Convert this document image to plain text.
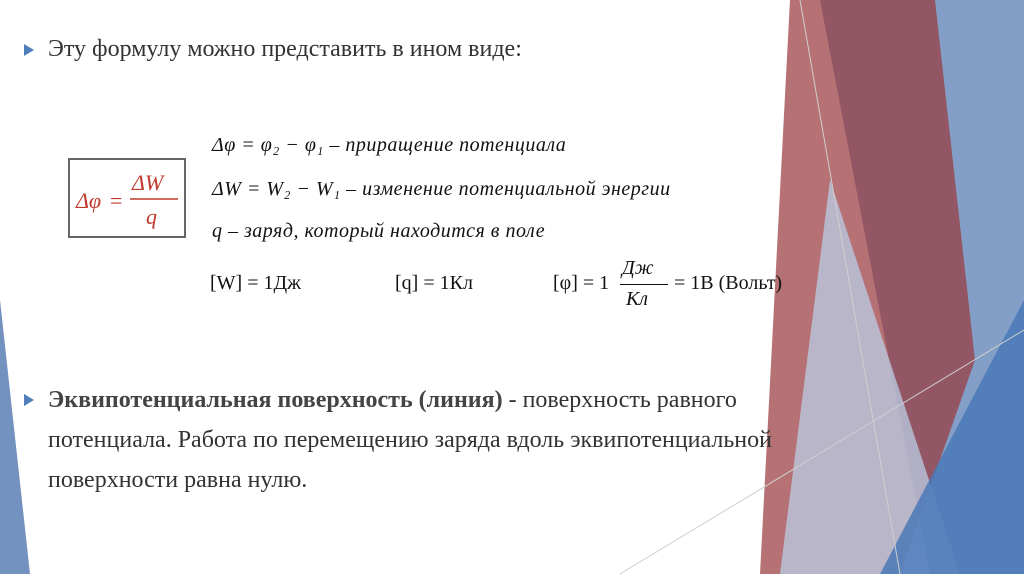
Эту формулу можно представить в ином виде:
Δφ =
ΔW
q
Δφ = φ₂ − φ₁ – приращение потенциала
ΔW = W₂ − W₁ – изменение потенциальной энергии
q – заряд, который находится в поле
[W] = 1Дж	[q] = 1Кл	[φ] = 1
Дж
Кл
= 1В (Вольт)
Эквипотенциальная поверхность (линия) - поверхность равного потенциала. Работа по перемещению заряда вдоль эквипотенциальной поверхности равна нулю.
